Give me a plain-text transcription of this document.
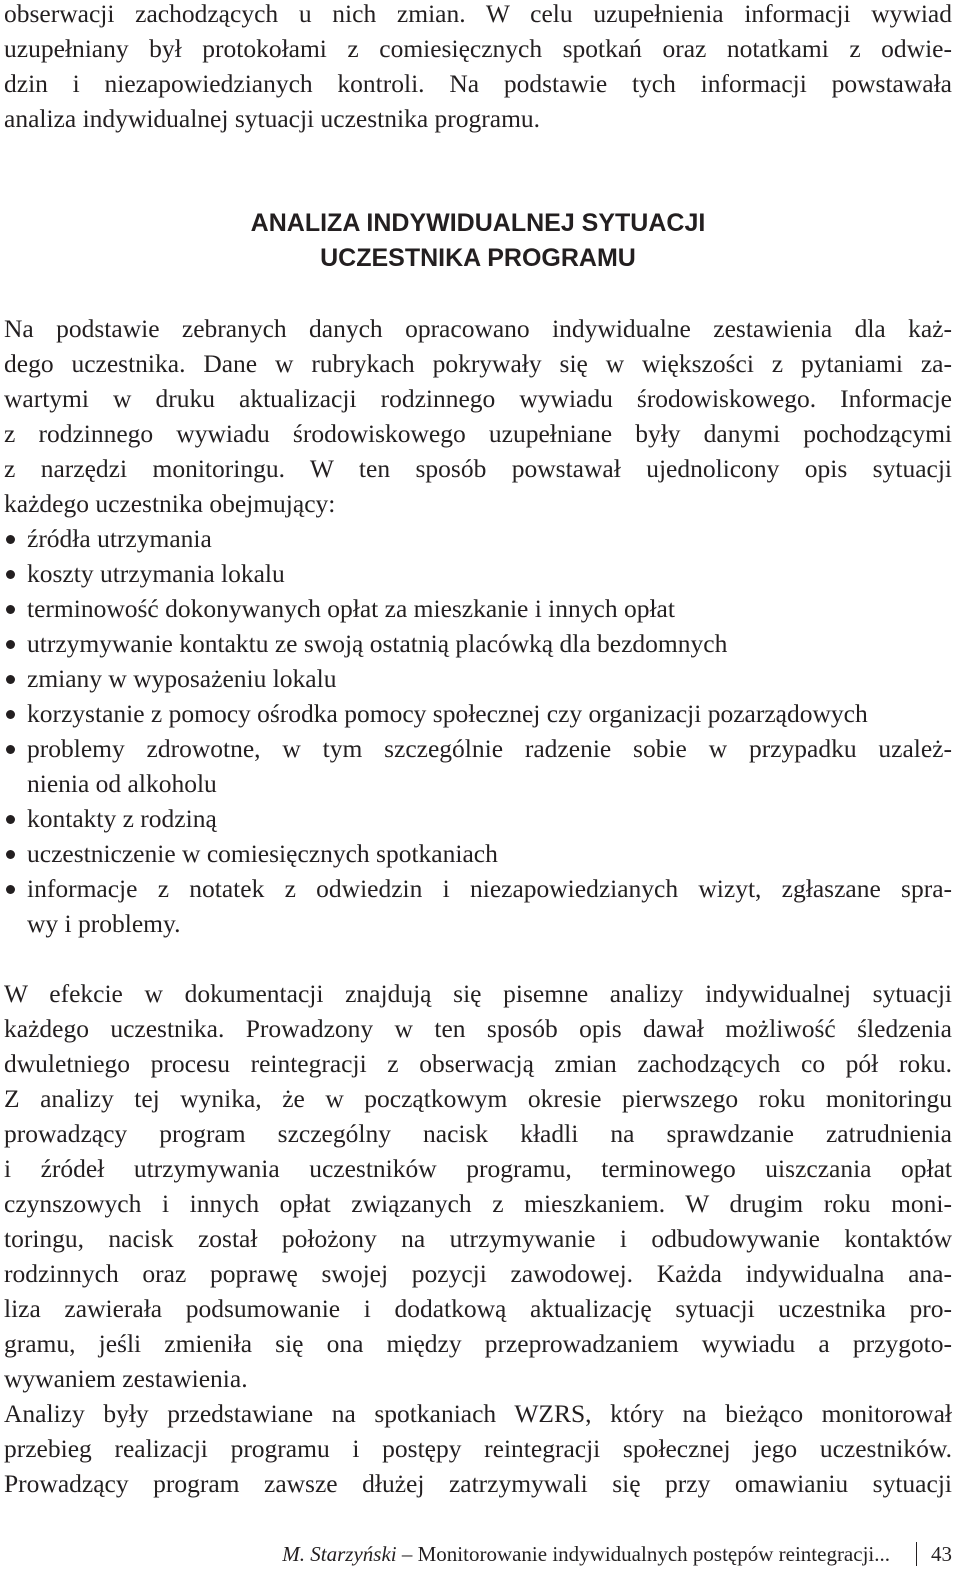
obserwacji zachodzących u nich zmian. W celu uzupełnienia informacji wywiad
uzupełniany był protokołami z comiesięcznych spotkań oraz notatkami z odwie-
dzin i niezapowiedzianych kontroli. Na podstawie tych informacji powstawała
analiza indywidualnej sytuacji uczestnika programu.
ANALIZA INDYWIDUALNEJ SYTUACJI
UCZESTNIKA PROGRAMU
Na podstawie zebranych danych opracowano indywidualne zestawienia dla każ-
dego uczestnika. Dane w rubrykach pokrywały się w większości z pytaniami za-
wartymi w druku aktualizacji rodzinnego wywiadu środowiskowego. Informacje
z rodzinnego wywiadu środowiskowego uzupełniane były danymi pochodzącymi
z narzędzi monitoringu. W ten sposób powstawał ujednolicony opis sytuacji
każdego uczestnika obejmujący:
źródła utrzymania
koszty utrzymania lokalu
terminowość dokonywanych opłat za mieszkanie i innych opłat
utrzymywanie kontaktu ze swoją ostatnią placówką dla bezdomnych
zmiany w wyposażeniu lokalu
korzystanie z pomocy ośrodka pomocy społecznej czy organizacji pozarządowych
problemy zdrowotne, w tym szczególnie radzenie sobie w przypadku uzależ-
nienia od alkoholu
kontakty z rodziną
uczestniczenie w comiesięcznych spotkaniach
informacje z notatek z odwiedzin i niezapowiedzianych wizyt, zgłaszane spra-
wy i problemy.
W efekcie w dokumentacji znajdują się pisemne analizy indywidualnej sytuacji
każdego uczestnika. Prowadzony w ten sposób opis dawał możliwość śledzenia
dwuletniego procesu reintegracji z obserwacją zmian zachodzących co pół roku.
Z analizy tej wynika, że w początkowym okresie pierwszego roku monitoringu
prowadzący program szczególny nacisk kładli na sprawdzanie zatrudnienia
i źródeł utrzymywania uczestników programu, terminowego uiszczania opłat
czynszowych i innych opłat związanych z mieszkaniem. W drugim roku moni-
toringu, nacisk został położony na utrzymywanie i odbudowywanie kontaktów
rodzinnych oraz poprawę swojej pozycji zawodowej. Każda indywidualna ana-
liza zawierała podsumowanie i dodatkową aktualizację sytuacji uczestnika pro-
gramu, jeśli zmieniła się ona między przeprowadzaniem wywiadu a przygoto-
wywaniem zestawienia.
Analizy były przedstawiane na spotkaniach WZRS, który na bieżąco monitorował
przebieg realizacji programu i postępy reintegracji społecznej jego uczestników.
Prowadzący program zawsze dłużej zatrzymywali się przy omawianiu sytuacji
M. Starzyński – Monitorowanie indywidualnych postępów reintegracji... 43
